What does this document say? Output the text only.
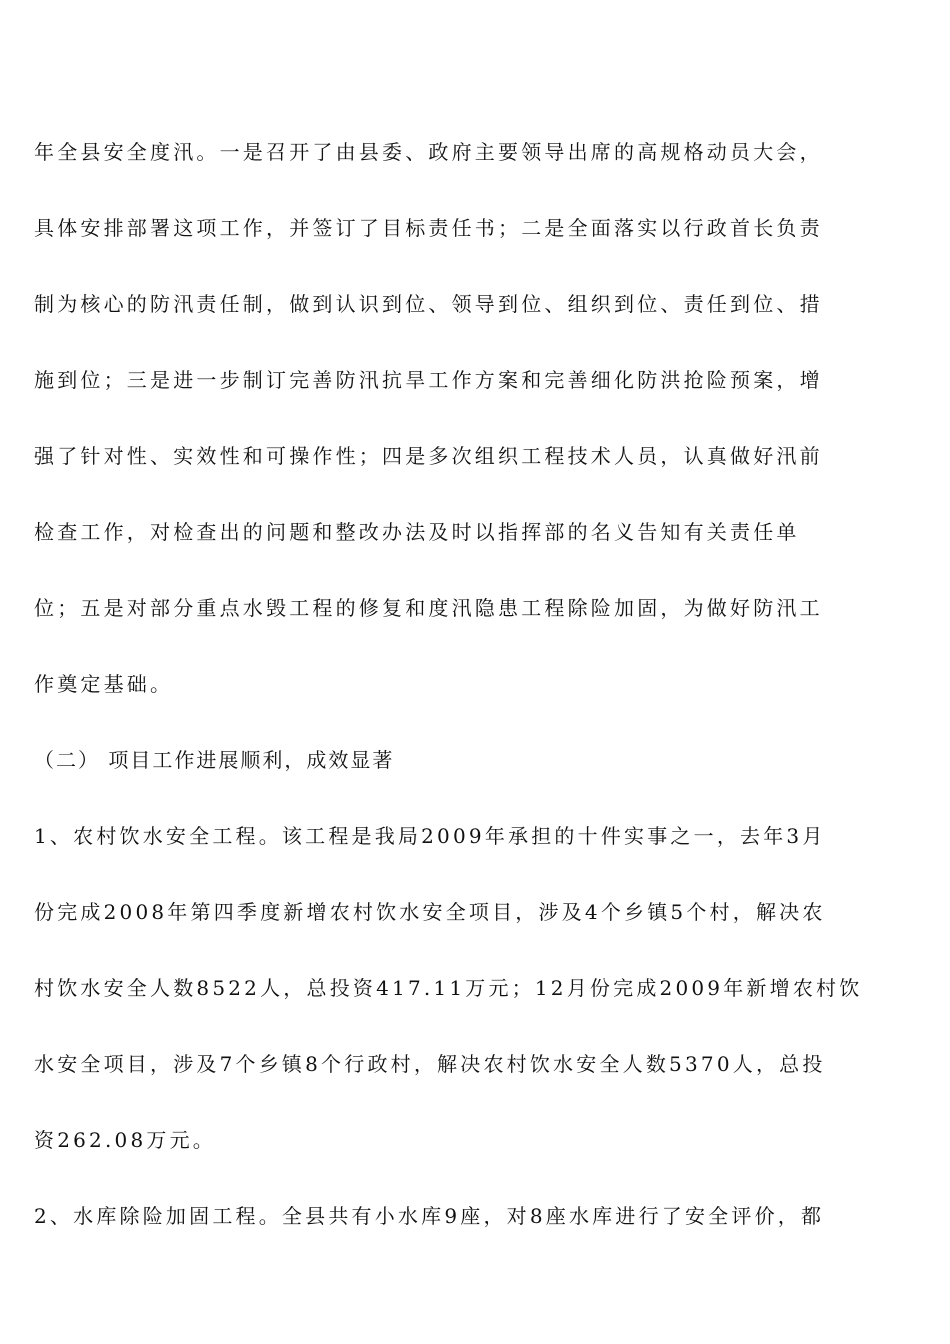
年全县安全度汛。一是召开了由县委、政府主要领导出席的高规格动员大会，
具体安排部署这项工作，并签订了目标责任书；二是全面落实以行政首长负责
制为核心的防汛责任制，做到认识到位、领导到位、组织到位、责任到位、措
施到位；三是进一步制订完善防汛抗旱工作方案和完善细化防洪抢险预案，增
强了针对性、实效性和可操作性；四是多次组织工程技术人员，认真做好汛前
检查工作，对检查出的问题和整改办法及时以指挥部的名义告知有关责任单
位；五是对部分重点水毁工程的修复和度汛隐患工程除险加固，为做好防汛工
作奠定基础。
（二） 项目工作进展顺利，成效显著
1、农村饮水安全工程。该工程是我局2009年承担的十件实事之一，去年3月
份完成2008年第四季度新增农村饮水安全项目，涉及4个乡镇5个村，解决农
村饮水安全人数8522人，总投资417.11万元；12月份完成2009年新增农村饮
水安全项目，涉及7个乡镇8个行政村，解决农村饮水安全人数5370人，总投
资262.08万元。
2、水库除险加固工程。全县共有小水库9座，对8座水库进行了安全评价，都
